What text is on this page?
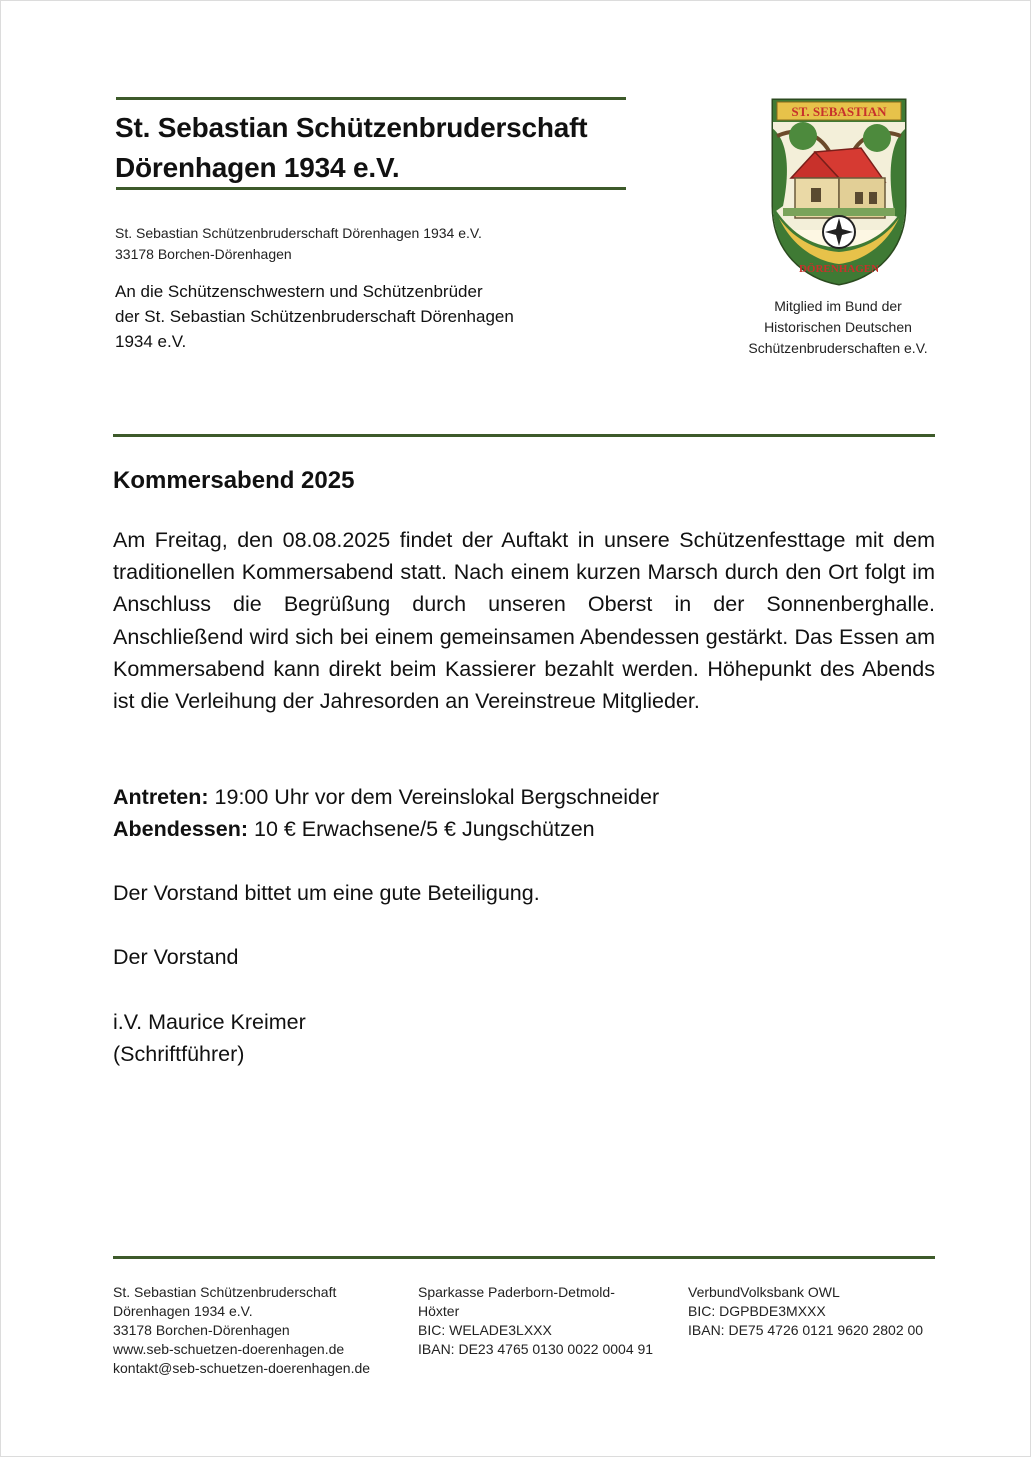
St. Sebastian Schützenbruderschaft
Dörenhagen 1934 e.V.
St. Sebastian Schützenbruderschaft Dörenhagen 1934 e.V.
33178 Borchen-Dörenhagen
An die Schützenschwestern und Schützenbrüder
der St. Sebastian Schützenbruderschaft Dörenhagen
1934 e.V.
ST. SEBASTIAN
DÖRENHAGEN
Mitglied im Bund der
Historischen Deutschen
Schützenbruderschaften e.V.
Kommersabend 2025

Am Freitag, den 08.08.2025 findet der Auftakt in unsere Schützenfesttage mit dem traditionellen Kommersabend statt. Nach einem kurzen Marsch durch den Ort folgt im Anschluss die Begrüßung durch unseren Oberst in der Sonnenberghalle. Anschließend wird sich bei einem gemeinsamen Abendessen gestärkt. Das Essen am Kommersabend kann direkt beim Kassierer bezahlt werden. Höhepunkt des Abends ist die Verleihung der Jahresorden an Vereinstreue Mitglieder.

Antreten: 19:00 Uhr vor dem Vereinslokal Bergschneider
Abendessen: 10 € Erwachsene/5 € Jungschützen
Der Vorstand bittet um eine gute Beteiligung.
Der Vorstand
i.V. Maurice Kreimer
(Schriftführer)
St. Sebastian Schützenbruderschaft
Dörenhagen 1934 e.V.
33178 Borchen-Dörenhagen
www.seb-schuetzen-doerenhagen.de
kontakt@seb-schuetzen-doerenhagen.de
Sparkasse Paderborn-Detmold-
Höxter
BIC: WELADE3LXXX
IBAN: DE23 4765 0130 0022 0004 91
VerbundVolksbank OWL
BIC: DGPBDE3MXXX
IBAN: DE75 4726 0121 9620 2802 00
